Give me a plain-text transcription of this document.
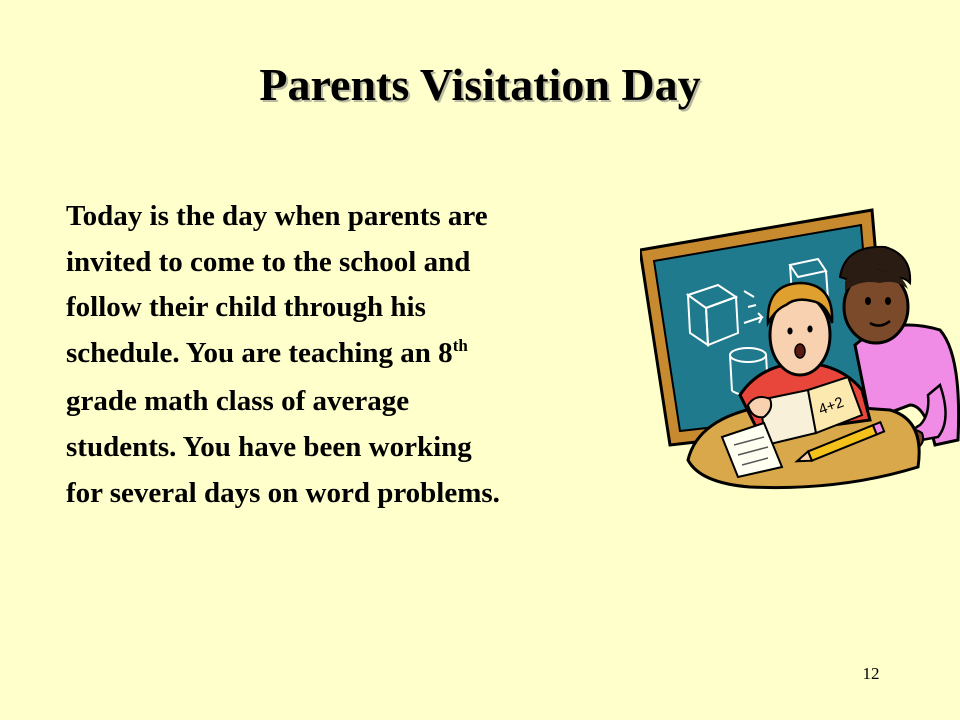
Parents Visitation Day
Today is the day when parents are
invited to come to the school and
follow their child through his
schedule. You are teaching an 8th
grade math class of average
students. You have been working
for several days on word problems.
4+2
12
